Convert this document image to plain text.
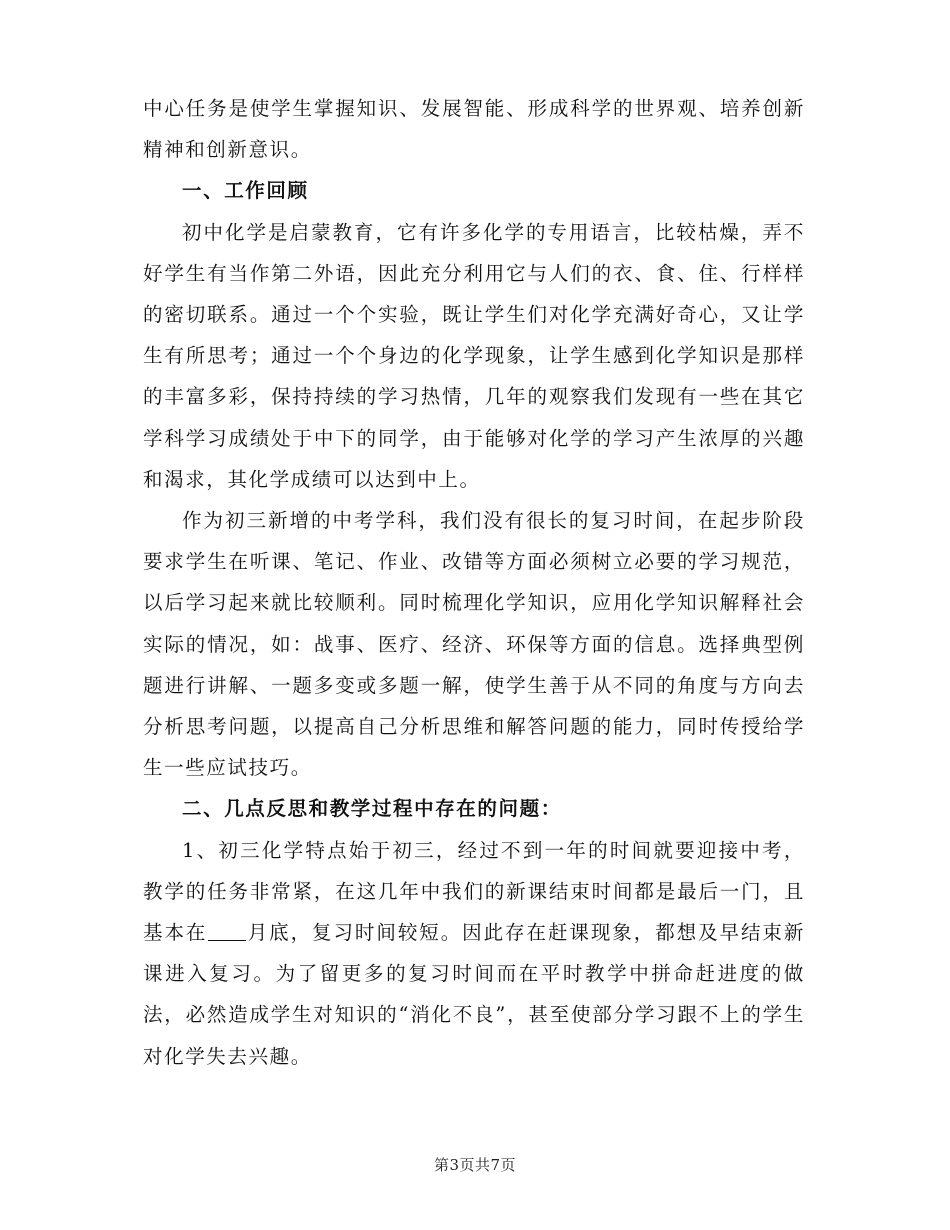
中心任务是使学生掌握知识、发展智能、形成科学的世界观、培养创新精神和创新意识。

一、工作回顾

初中化学是启蒙教育，它有许多化学的专用语言，比较枯燥，弄不好学生有当作第二外语，因此充分利用它与人们的衣、食、住、行样样的密切联系。通过一个个实验，既让学生们对化学充满好奇心，又让学生有所思考；通过一个个身边的化学现象，让学生感到化学知识是那样的丰富多彩，保持持续的学习热情，几年的观察我们发现有一些在其它学科学习成绩处于中下的同学，由于能够对化学的学习产生浓厚的兴趣和渴求，其化学成绩可以达到中上。

作为初三新增的中考学科，我们没有很长的复习时间，在起步阶段要求学生在听课、笔记、作业、改错等方面必须树立必要的学习规范，以后学习起来就比较顺利。同时梳理化学知识，应用化学知识解释社会实际的情况，如：战事、医疗、经济、环保等方面的信息。选择典型例题进行讲解、一题多变或多题一解，使学生善于从不同的角度与方向去分析思考问题，以提高自己分析思维和解答问题的能力，同时传授给学生一些应试技巧。

二、几点反思和教学过程中存在的问题：

1、初三化学特点始于初三，经过不到一年的时间就要迎接中考，教学的任务非常紧，在这几年中我们的新课结束时间都是最后一门，且基本在 月底，复习时间较短。因此存在赶课现象，都想及早结束新课进入复习。为了留更多的复习时间而在平时教学中拼命赶进度的做法，必然造成学生对知识的“消化不良”，甚至使部分学习跟不上的学生对化学失去兴趣。

第3页共7页
